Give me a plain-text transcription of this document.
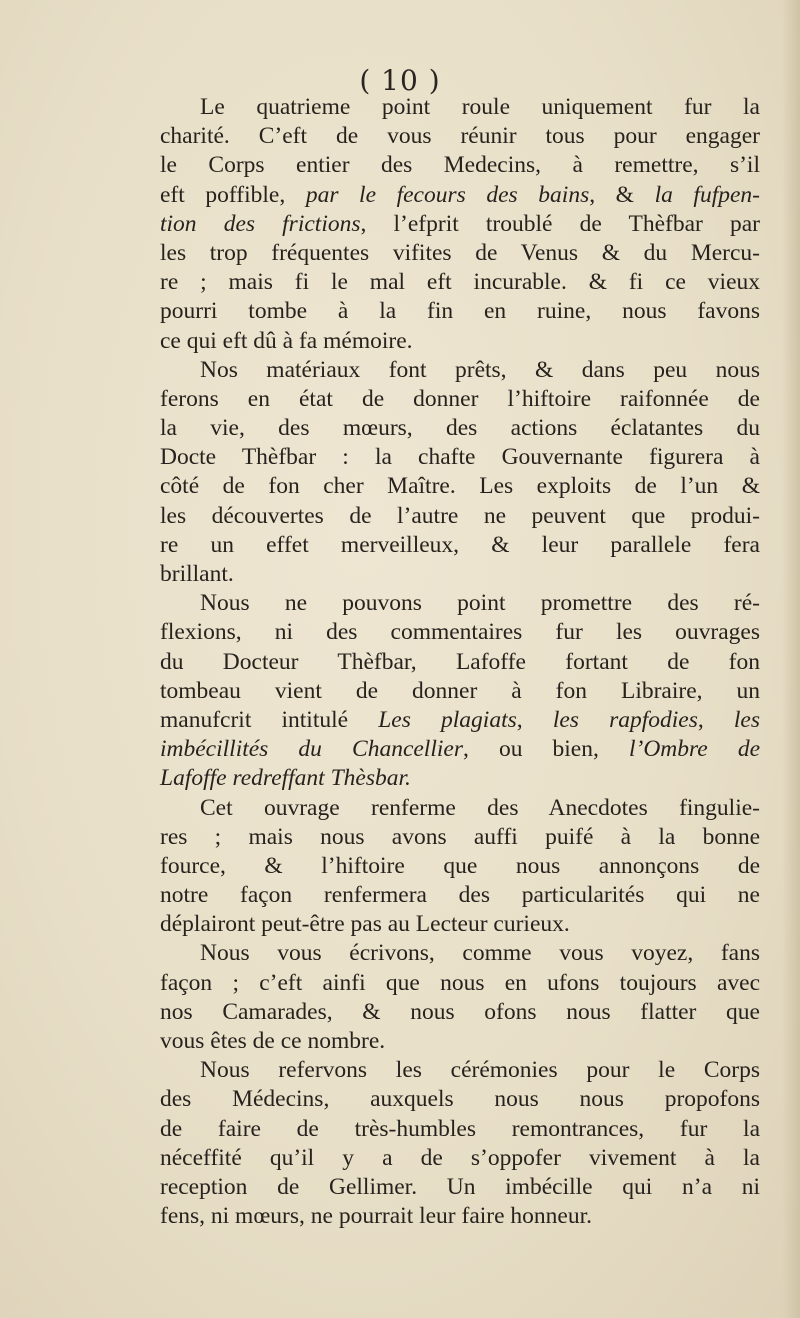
( 10 )
Le quatrieme point roule uniquement fur la
charité. C’eft de vous réunir tous pour engager
le Corps entier des Medecins, à remettre, s’il
eft poffible, par le fecours des bains, & la fufpen-
tion des frictions, l’efprit troublé de Thèfbar par
les trop fréquentes vifites de Venus & du Mercu-
re ; mais fi le mal eft incurable. & fi ce vieux
pourri tombe à la fin en ruine, nous favons
ce qui eft dû à fa mémoire.
Nos matériaux font prêts, & dans peu nous
ferons en état de donner l’hiftoire raifonnée de
la vie, des mœurs, des actions éclatantes du
Docte Thèfbar : la chafte Gouvernante figurera à
côté de fon cher Maître. Les exploits de l’un &
les découvertes de l’autre ne peuvent que produi-
re un effet merveilleux, & leur parallele fera
brillant.
Nous ne pouvons point promettre des ré-
flexions, ni des commentaires fur les ouvrages
du Docteur Thèfbar, Lafoffe fortant de fon
tombeau vient de donner à fon Libraire, un
manufcrit intitulé Les plagiats, les rapfodies, les
imbécillités du Chancellier, ou bien, l’Ombre de
Lafoffe redreffant Thèsbar.
Cet ouvrage renferme des Anecdotes fingulie-
res ; mais nous avons auffi puifé à la bonne
fource, & l’hiftoire que nous annonçons de
notre façon renfermera des particularités qui ne
déplairont peut-être pas au Lecteur curieux.
Nous vous écrivons, comme vous voyez, fans
façon ; c’eft ainfi que nous en ufons toujours avec
nos Camarades, & nous ofons nous flatter que
vous êtes de ce nombre.
Nous refervons les cérémonies pour le Corps
des Médecins, auxquels nous nous propofons
de faire de très-humbles remontrances, fur la
néceffité qu’il y a de s’oppofer vivement à la
reception de Gellimer. Un imbécille qui n’a ni
fens, ni mœurs, ne pourrait leur faire honneur.
